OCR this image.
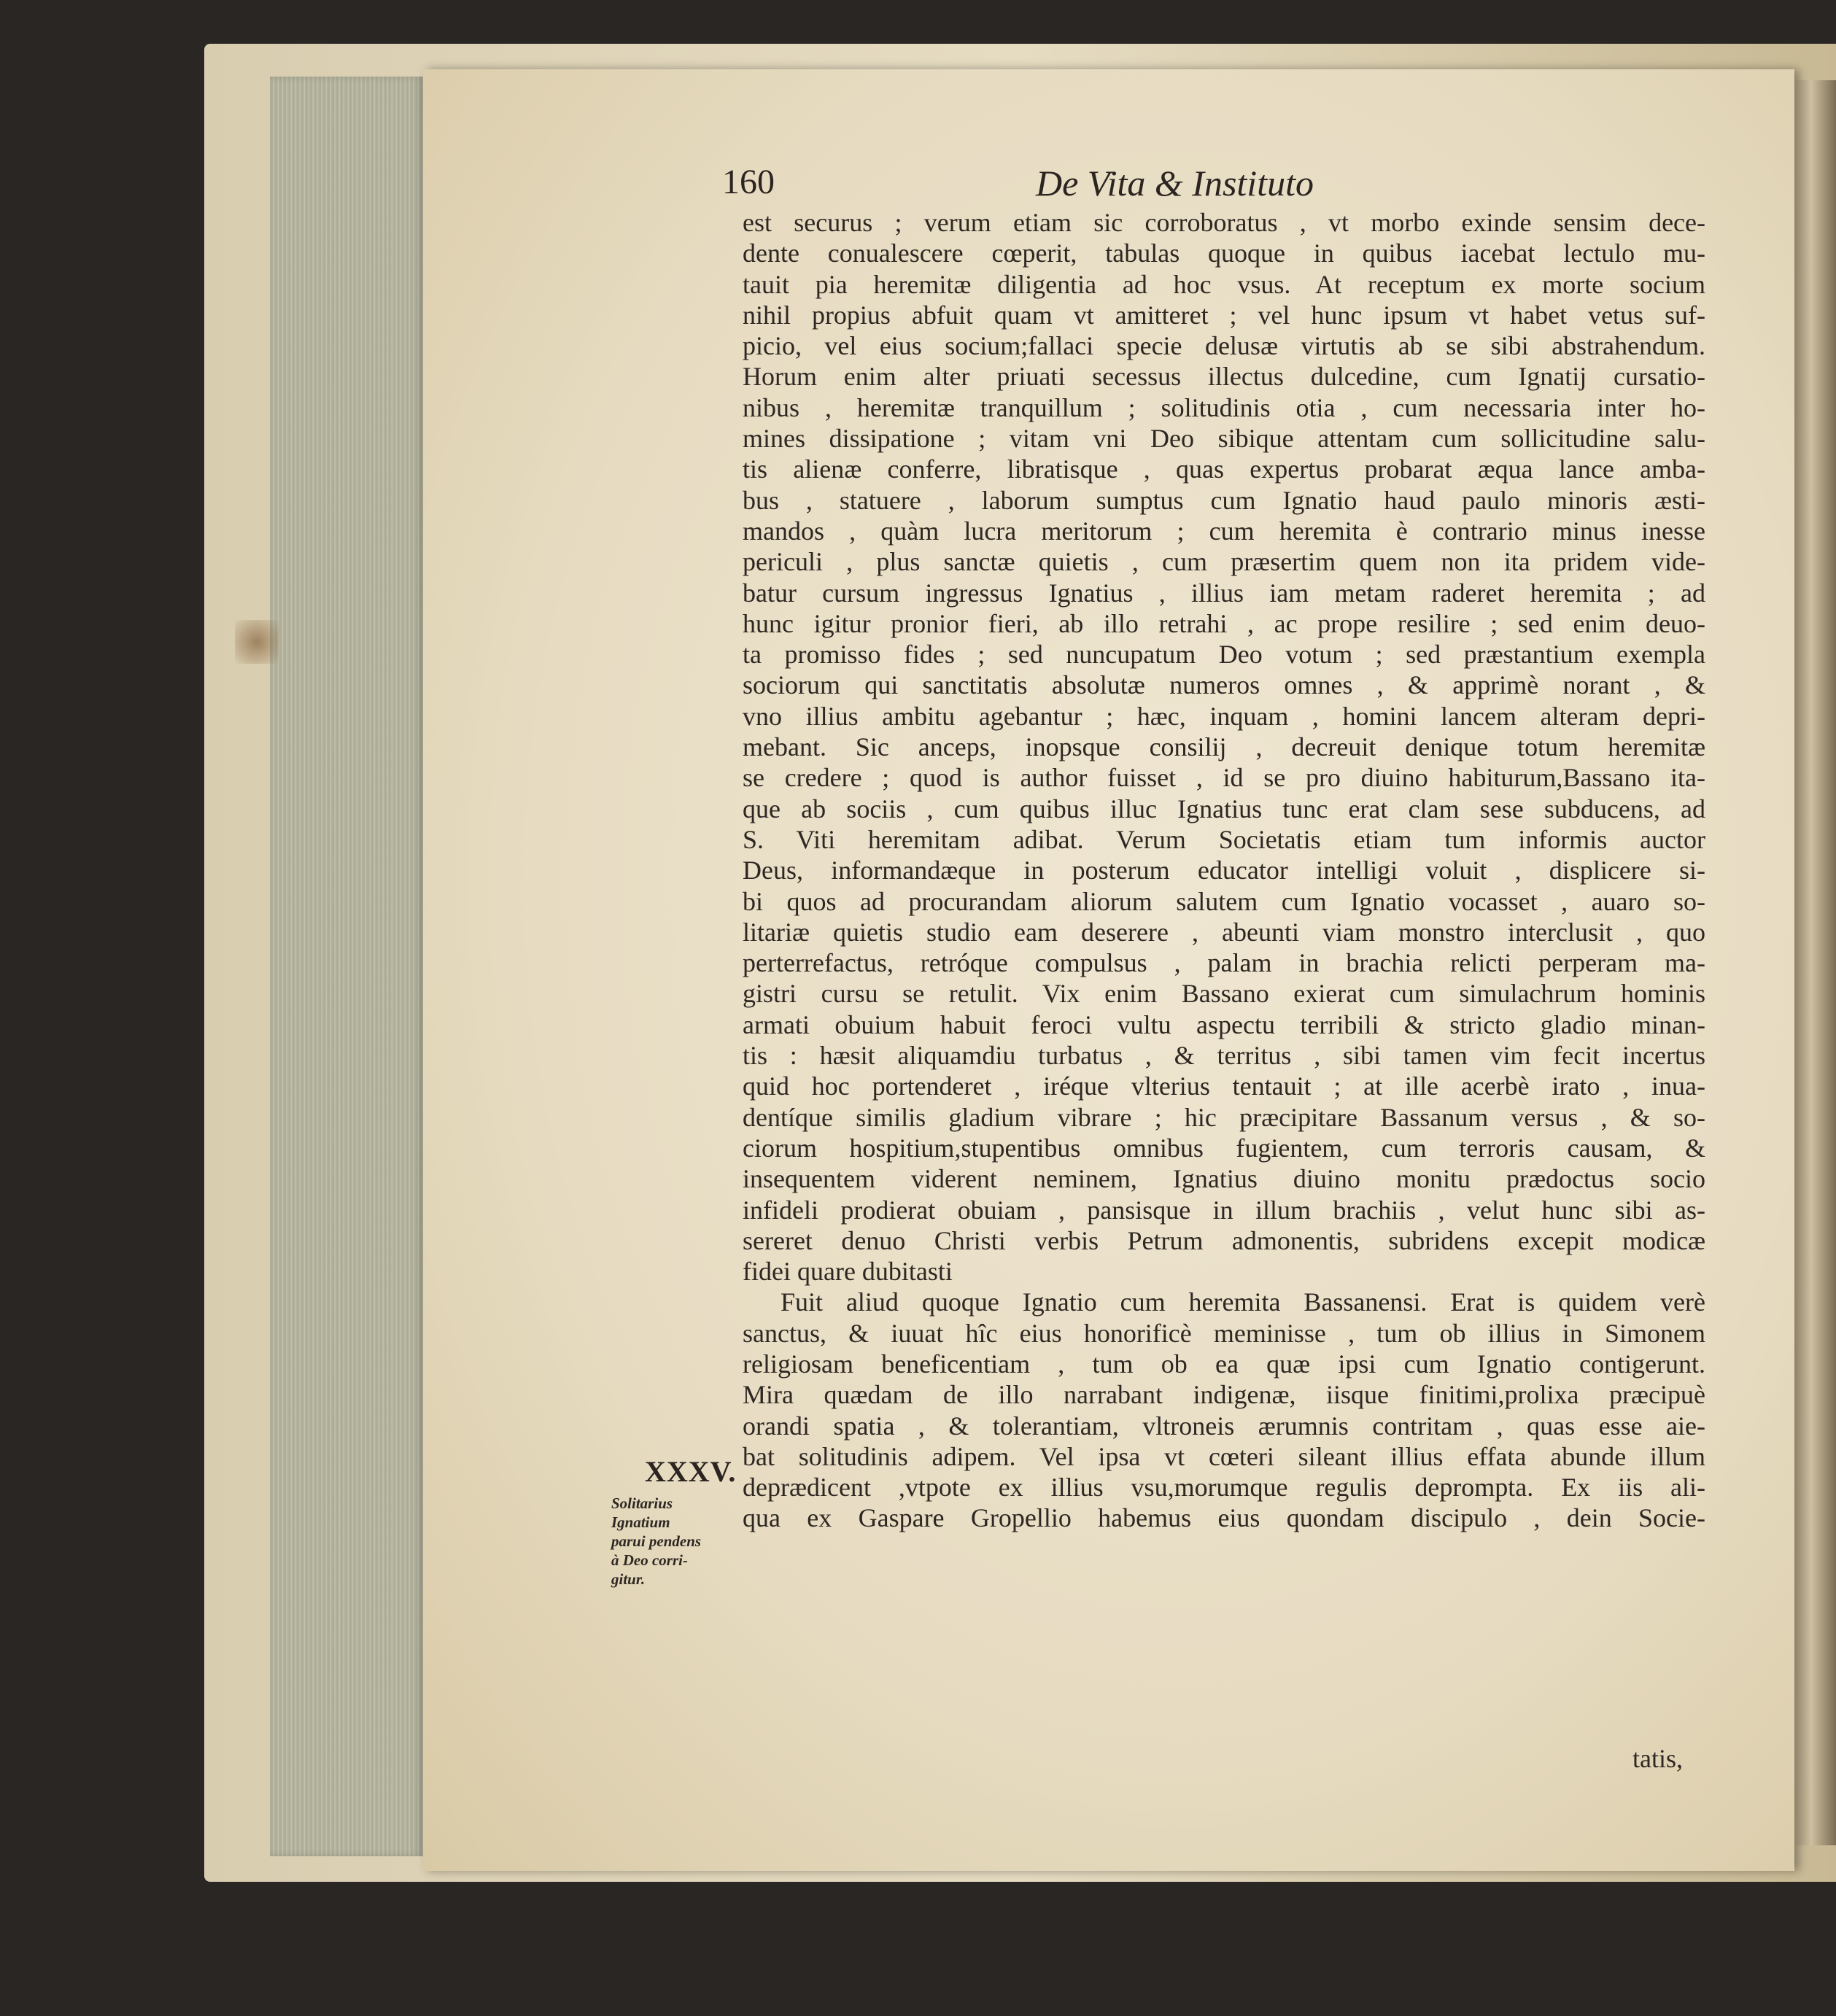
160	De Vita & Instituto
est securus ; verum etiam sic corroboratus , vt morbo exinde sensim dece-
dente conualescere cœperit, tabulas quoque in quibus iacebat lectulo mu-
tauit pia heremitæ diligentia ad hoc vsus. At receptum ex morte socium
nihil propius abfuit quam vt amitteret ; vel hunc ipsum vt habet vetus suf-
picio, vel eius socium;fallaci specie delusæ virtutis ab se sibi abstrahendum.
Horum enim alter priuati secessus illectus dulcedine, cum Ignatij cursatio-
nibus , heremitæ tranquillum ; solitudinis otia , cum necessaria inter ho-
mines dissipatione ; vitam vni Deo sibique attentam cum sollicitudine salu-
tis alienæ conferre, libratisque , quas expertus probarat æqua lance amba-
bus , statuere , laborum sumptus cum Ignatio haud paulo minoris æsti-
mandos , quàm lucra meritorum ; cum heremita è contrario minus inesse
periculi , plus sanctæ quietis , cum præsertim quem non ita pridem vide-
batur cursum ingressus Ignatius , illius iam metam raderet heremita ; ad
hunc igitur pronior fieri, ab illo retrahi , ac prope resilire ; sed enim deuo-
ta promisso fides ; sed nuncupatum Deo votum ; sed præstantium exempla
sociorum qui sanctitatis absolutæ numeros omnes , & apprimè norant , &
vno illius ambitu agebantur ; hæc, inquam , homini lancem alteram depri-
mebant. Sic anceps, inopsque consilij , decreuit denique totum heremitæ
se credere ; quod is author fuisset , id se pro diuino habiturum,Bassano ita-
que ab sociis , cum quibus illuc Ignatius tunc erat clam sese subducens, ad
S. Viti heremitam adibat. Verum Societatis etiam tum informis auctor
Deus, informandæque in posterum educator intelligi voluit , displicere si-
bi quos ad procurandam aliorum salutem cum Ignatio vocasset , auaro so-
litariæ quietis studio eam deserere , abeunti viam monstro interclusit , quo
perterrefactus, retróque compulsus , palam in brachia relicti perperam ma-
gistri cursu se retulit. Vix enim Bassano exierat cum simulachrum hominis
armati obuium habuit feroci vultu aspectu terribili & stricto gladio minan-
tis : hæsit aliquamdiu turbatus , & territus , sibi tamen vim fecit incertus
quid hoc portenderet , iréque vlterius tentauit ; at ille acerbè irato , inua-
dentíque similis gladium vibrare ; hic præcipitare Bassanum versus , & so-
ciorum hospitium,stupentibus omnibus fugientem, cum terroris causam, &
insequentem viderent neminem, Ignatius diuino monitu prædoctus socio
infideli prodierat obuiam , pansisque in illum brachiis , velut hunc sibi as-
sereret denuo Christi verbis Petrum admonentis, subridens excepit modicæ
fidei quare dubitasti
Fuit aliud quoque Ignatio cum heremita Bassanensi. Erat is quidem verè
sanctus, & iuuat hîc eius honorificè meminisse , tum ob illius in Simonem
religiosam beneficentiam , tum ob ea quæ ipsi cum Ignatio contigerunt.
Mira quædam de illo narrabant indigenæ, iisque finitimi,prolixa præcipuè
orandi spatia , & tolerantiam, vltroneis ærumnis contritam , quas esse aie-
bat solitudinis adipem. Vel ipsa vt cœteri sileant illius effata abunde illum
deprædicent ,vtpote ex illius vsu,morumque regulis deprompta. Ex iis ali-
qua ex Gaspare Gropellio habemus eius quondam discipulo , dein Socie-
XXXV.
Solitarius
Ignatium
parui pendens
à Deo corri-
gitur.
tatis,
